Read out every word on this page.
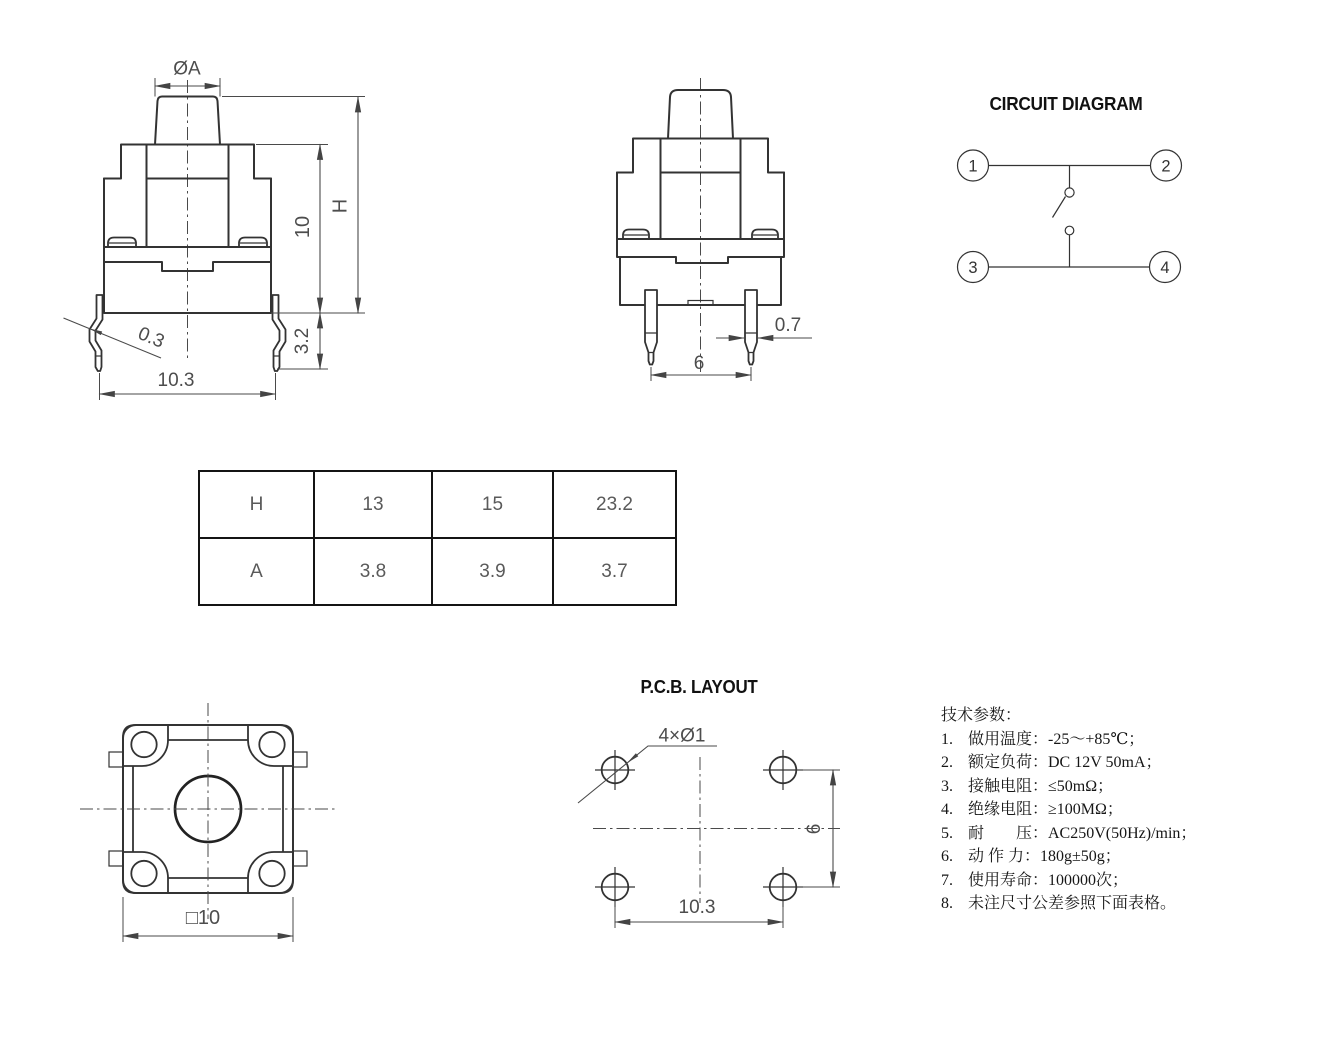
ØA
H
10
3.2
0.3
10.3
0.7
6
CIRCUIT DIAGRAM
1	2
3	4
□10
P.C.B. LAYOUT
4×Ø1
6
10.3
H	13	15	23.2
A	3.8	3.9	3.7
技术参数：
1. 做用温度：-25～+85℃；
2. 额定负荷：DC 12V 50mA；
3. 接触电阻：≤50mΩ；
4. 绝缘电阻：≥100MΩ；
5. 耐　　压：AC250V(50Hz)/min；
6. 动 作 力：180g±50g；
7. 使用寿命：100000次；
8. 未注尺寸公差参照下面表格。
